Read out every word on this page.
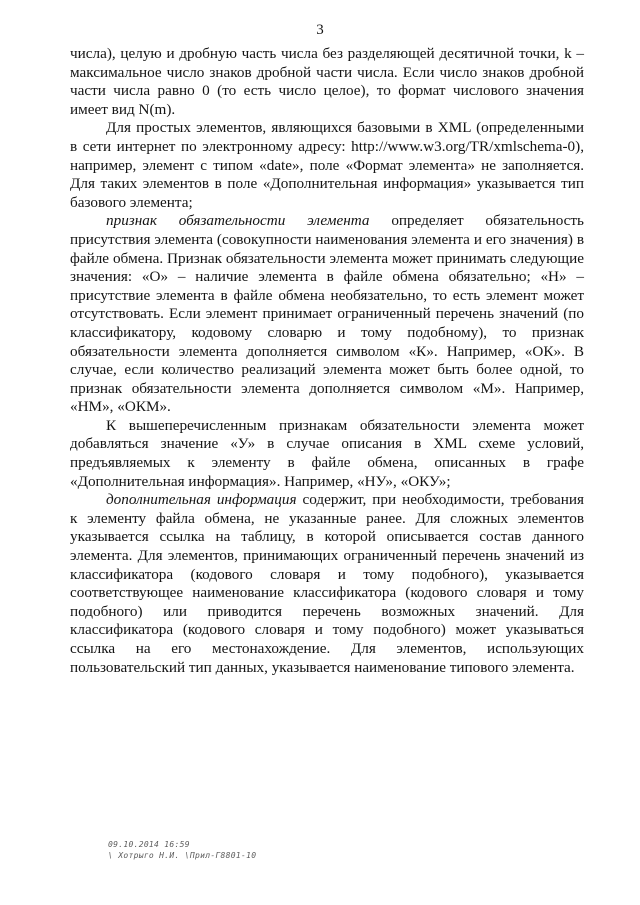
3

числа), целую и дробную часть числа без разделяющей десятичной точки, k – максимальное число знаков дробной части числа. Если число знаков дробной части числа равно 0 (то есть число целое), то формат числового значения имеет вид N(m).

Для простых элементов, являющихся базовыми в XML (определенными в сети интернет по электронному адресу: http://www.w3.org/TR/xmlschema-0), например, элемент с типом «date», поле «Формат элемента» не заполняется. Для таких элементов в поле «Дополнительная информация» указывается тип базового элемента;

признак обязательности элемента определяет обязательность присутствия элемента (совокупности наименования элемента и его значения) в файле обмена. Признак обязательности элемента может принимать следующие значения: «О» – наличие элемента в файле обмена обязательно; «Н» – присутствие элемента в файле обмена необязательно, то есть элемент может отсутствовать. Если элемент принимает ограниченный перечень значений (по классификатору, кодовому словарю и тому подобному), то признак обязательности элемента дополняется символом «К». Например, «ОК». В случае, если количество реализаций элемента может быть более одной, то признак обязательности элемента дополняется символом «М». Например, «НМ», «ОКМ».

К вышеперечисленным признакам обязательности элемента может добавляться значение «У» в случае описания в XML схеме условий, предъявляемых к элементу в файле обмена, описанных в графе «Дополнительная информация». Например, «НУ», «ОКУ»;

дополнительная информация содержит, при необходимости, требования к элементу файла обмена, не указанные ранее. Для сложных элементов указывается ссылка на таблицу, в которой описывается состав данного элемента. Для элементов, принимающих ограниченный перечень значений из классификатора (кодового словаря и тому подобного), указывается соответствующее наименование классификатора (кодового словаря и тому подобного) или приводится перечень возможных значений. Для классификатора (кодового словаря и тому подобного) может указываться ссылка на его местонахождение. Для элементов, использующих пользовательский тип данных, указывается наименование типового элемента.

09.10.2014 16:59
\ Хотрыго Н.И. \Прил-Г8801-10
